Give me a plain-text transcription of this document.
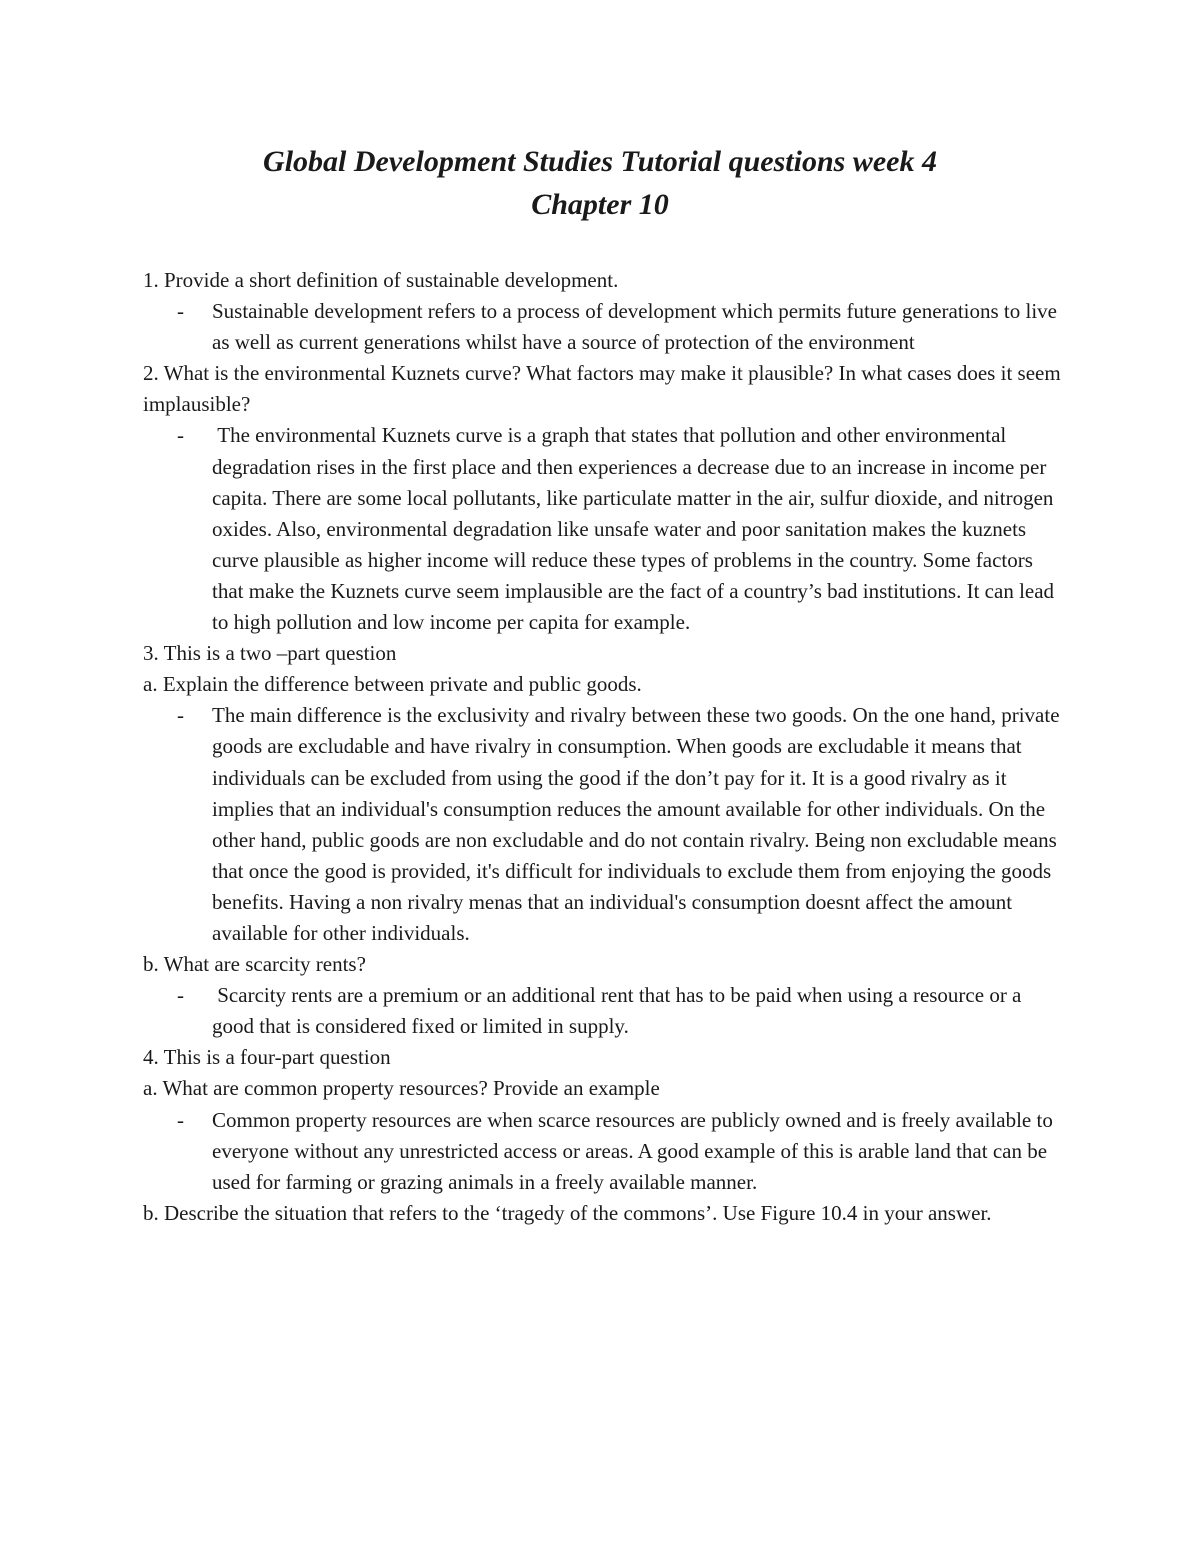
Global Development Studies Tutorial questions week 4
Chapter 10

1. Provide a short definition of sustainable development.

- Sustainable development refers to a process of development which permits future generations to live as well as current generations whilst have a source of protection of the environment

2. What is the environmental Kuznets curve? What factors may make it plausible? In what cases does it seem implausible?

- The environmental Kuznets curve is a graph that states that pollution and other environmental degradation rises in the first place and then experiences a decrease due to an increase in income per capita. There are some local pollutants, like particulate matter in the air, sulfur dioxide, and nitrogen oxides. Also, environmental degradation like unsafe water and poor sanitation makes the kuznets curve plausible as higher income will reduce these types of problems in the country. Some factors that make the Kuznets curve seem implausible are the fact of a country’s bad institutions. It can lead to high pollution and low income per capita for example.

3. This is a two –part question

a. Explain the difference between private and public goods.

- The main difference is the exclusivity and rivalry between these two goods. On the one hand, private goods are excludable and have rivalry in consumption. When goods are excludable it means that individuals can be excluded from using the good if the don’t pay for it. It is a good rivalry as it implies that an individual's consumption reduces the amount available for other individuals. On the other hand, public goods are non excludable and do not contain rivalry. Being non excludable means that once the good is provided, it's difficult for individuals to exclude them from enjoying the goods benefits. Having a non rivalry menas that an individual's consumption doesnt affect the amount available for other individuals.

b. What are scarcity rents?

- Scarcity rents are a premium or an additional rent that has to be paid when using a resource or a good that is considered fixed or limited in supply.

4. This is a four-part question

a. What are common property resources? Provide an example

- Common property resources are when scarce resources are publicly owned and is freely available to everyone without any unrestricted access or areas. A good example of this is arable land that can be used for farming or grazing animals in a freely available manner.

b. Describe the situation that refers to the ‘tragedy of the commons’. Use Figure 10.4 in your answer.
